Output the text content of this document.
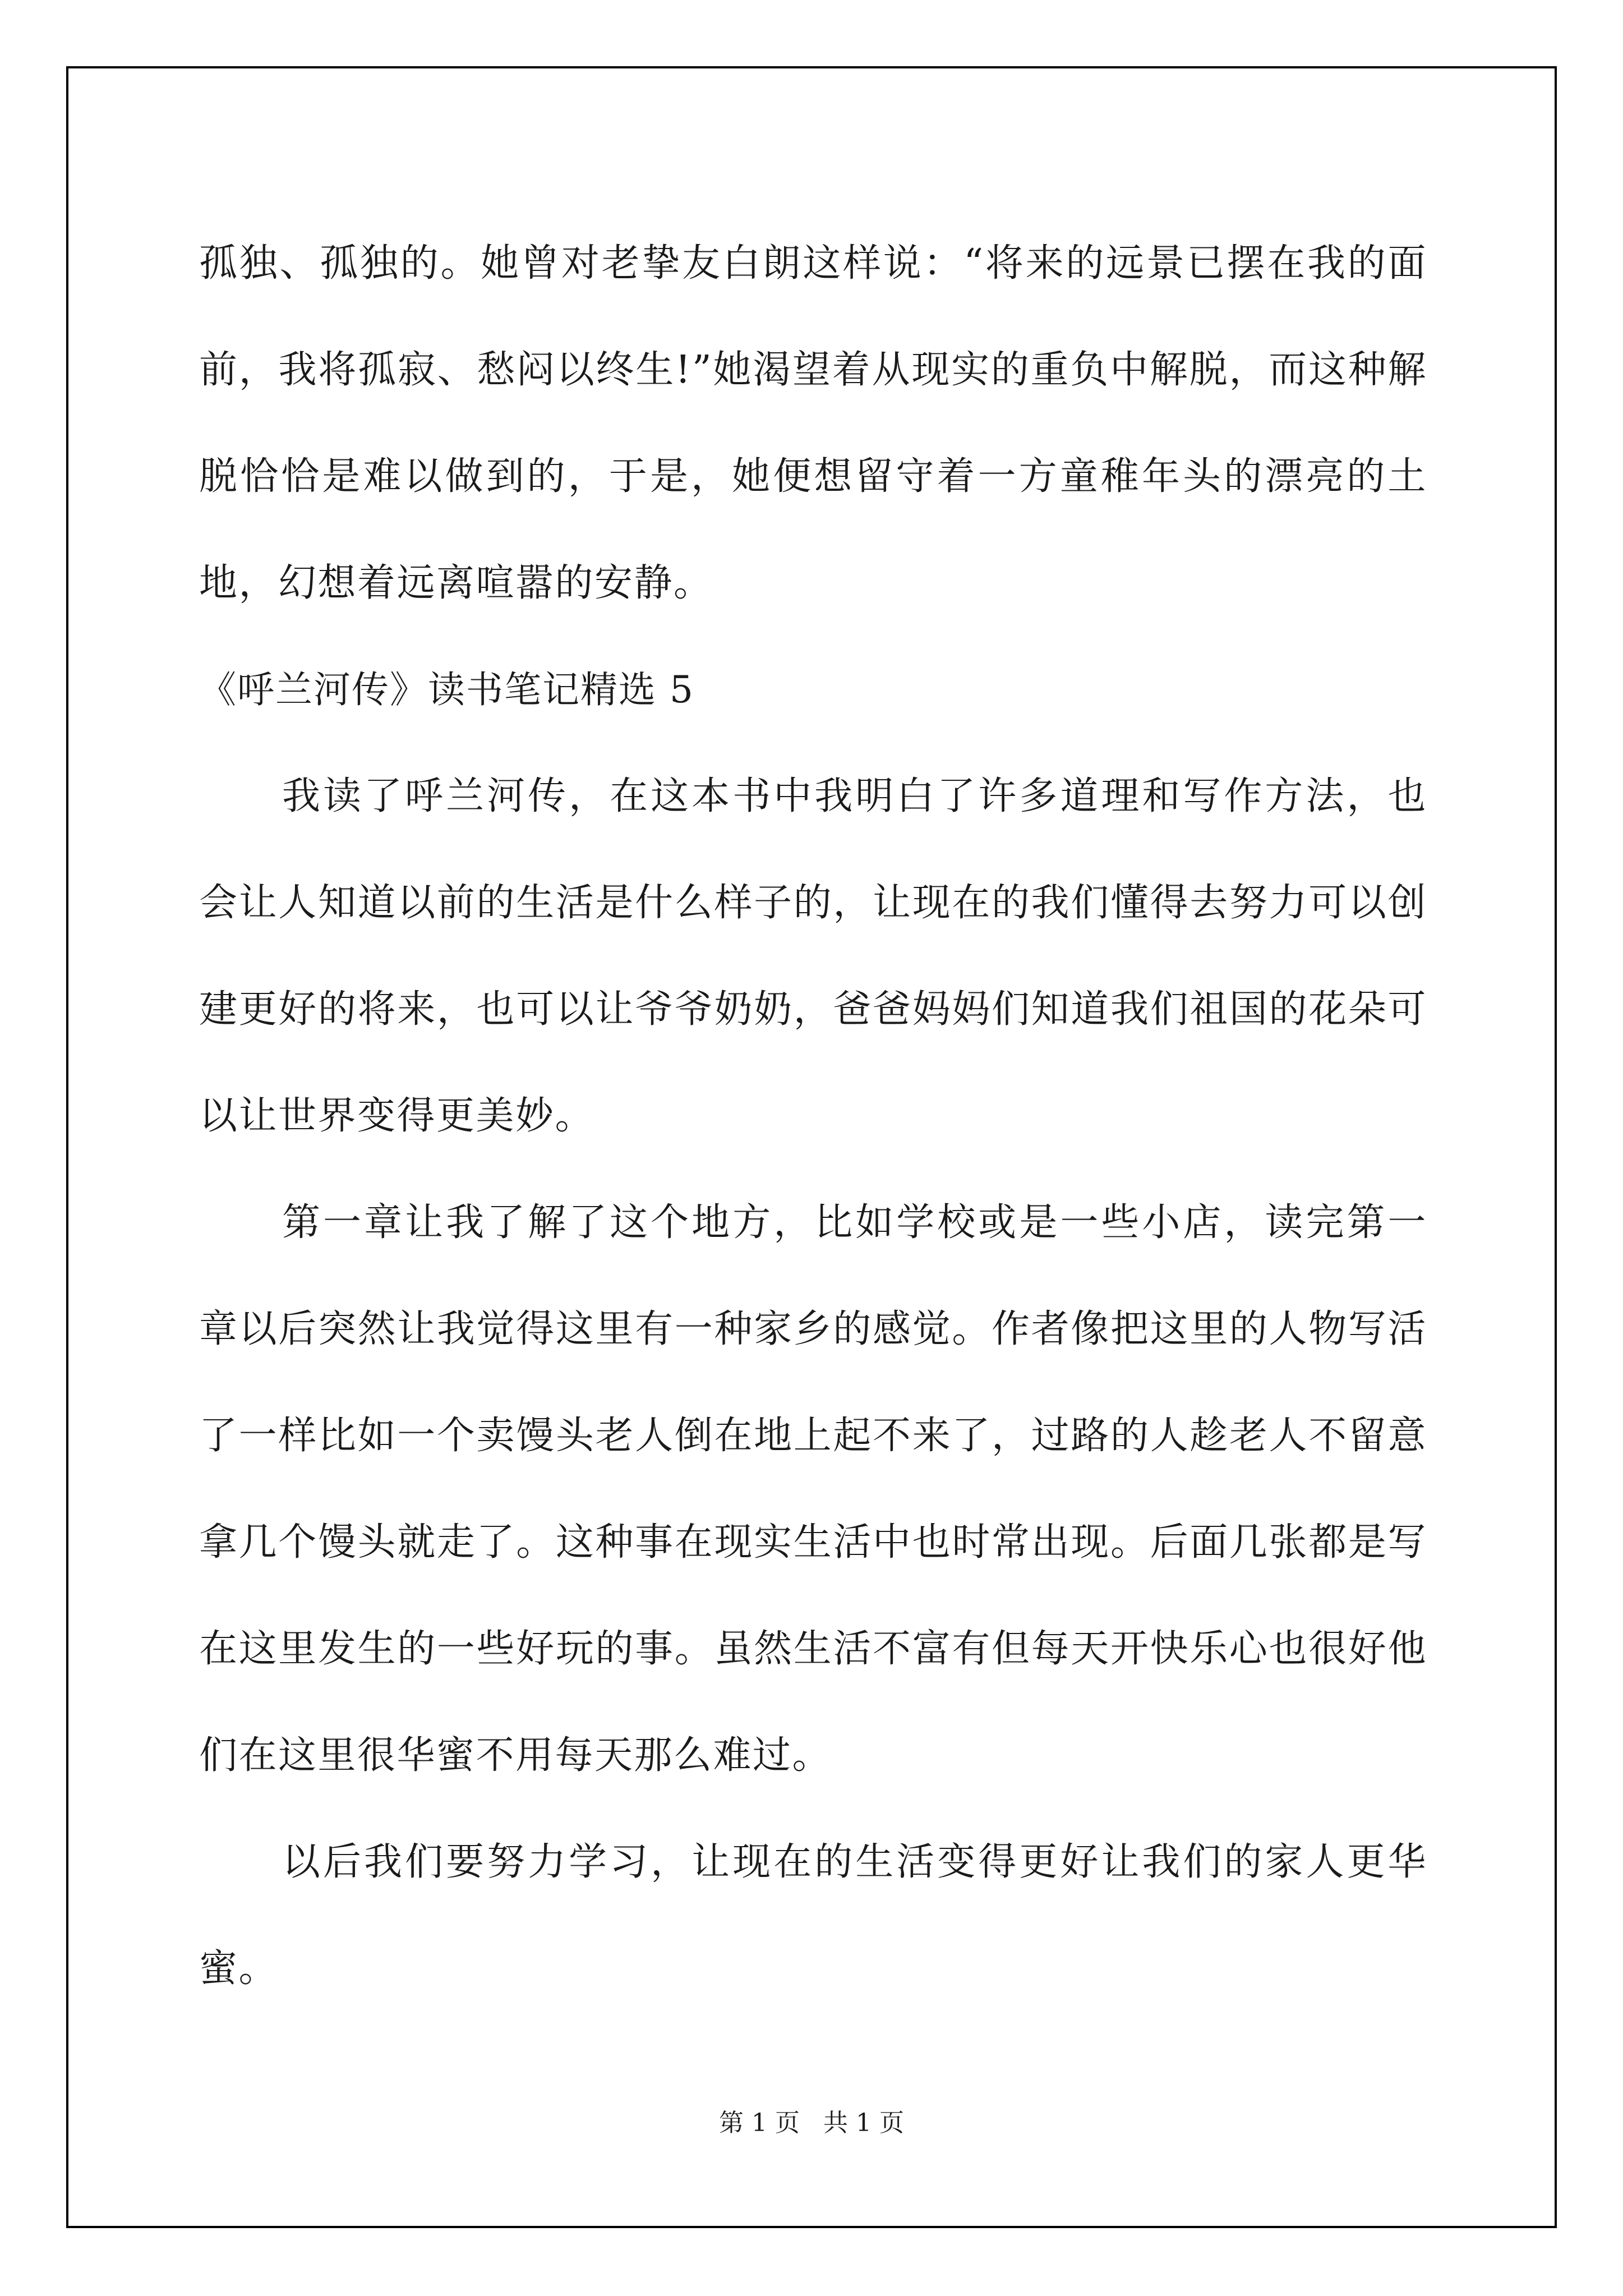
孤独、孤独的。她曾对老挚友白朗这样说：“将来的远景已摆在我的面前，我将孤寂、愁闷以终生!”她渴望着从现实的重负中解脱，而这种解脱恰恰是难以做到的，于是，她便想留守着一方童稚年头的漂亮的土地，幻想着远离喧嚣的安静。

《呼兰河传》读书笔记精选 5

我读了呼兰河传，在这本书中我明白了许多道理和写作方法，也会让人知道以前的生活是什么样子的，让现在的我们懂得去努力可以创建更好的将来，也可以让爷爷奶奶，爸爸妈妈们知道我们祖国的花朵可以让世界变得更美妙。

第一章让我了解了这个地方，比如学校或是一些小店，读完第一章以后突然让我觉得这里有一种家乡的感觉。作者像把这里的人物写活了一样比如一个卖馒头老人倒在地上起不来了，过路的人趁老人不留意拿几个馒头就走了。这种事在现实生活中也时常出现。后面几张都是写在这里发生的一些好玩的事。虽然生活不富有但每天开快乐心也很好他们在这里很华蜜不用每天那么难过。

以后我们要努力学习，让现在的生活变得更好让我们的家人更华蜜。

第 1 页 共 1 页
